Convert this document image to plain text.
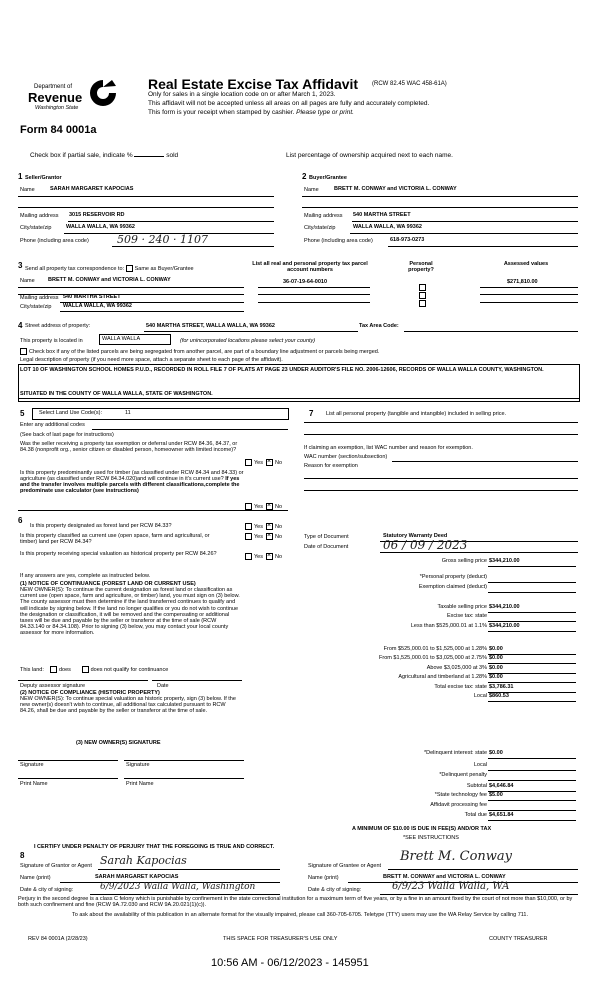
Department of
Revenue
Washington State
Form 84 0001a
Real Estate Excise Tax Affidavit (RCW 82.45 WAC 458-61A)
Only for sales in a single location code on or after March 1, 2023.
This affidavit will not be accepted unless all areas on all pages are fully and accurately completed.
This form is your receipt when stamped by cashier. Please type or print.
Check box if partial sale, indicate %	sold	List percentage of ownership acquired next to each name.
1 Seller/Grantor
Name	SARAH MARGARET KAPOCIAS
Mailing address 3015 RESERVOIR RD
City/state/zip	WALLA WALLA, WA 99362
Phone (including area code)	509 · 240 · 1107
2 Buyer/Grantee
Name	BRETT M. CONWAY and VICTORIA L. CONWAY
Mailing address 540 MARTHA STREET
City/state/zip	WALLA WALLA, WA 99362
Phone (including area code)	618-973-0273
3 Send all property tax correspondence to: Same as Buyer/Grantee
Name BRETT M. CONWAY and VICTORIA L. CONWAY
Mailing address 540 MARTHA STREET
City/state/zip WALLA WALLA, WA 99362
List all real and personal property tax parcel account numbers
Personal property?
Assessed values
36-07-19-64-0010	$271,810.00
4 Street address of property:	540 MARTHA STREET, WALLA WALLA, WA 99362	Tax Area Code:
This property is located in	WALLA WALLA	(for unincorporated locations please select your county)
Check box if any of the listed parcels are being segregated from another parcel, are part of a boundary line adjustment or parcels being merged.
Legal description of property (if you need more space, attach a separate sheet to each page of the affidavit).
LOT 10 OF WASHINGTON SCHOOL HOMES P.U.D., RECORDED IN ROLL FILE 7 OF PLATS AT PAGE 23 UNDER AUDITOR'S FILE NO. 2006-12606, RECORDS OF WALLA WALLA COUNTY, WASHINGTON.
SITUATED IN THE COUNTY OF WALLA WALLA, STATE OF WASHINGTON.
5	Select Land Use Code(s):	11
Enter any additional codes
(See back of last page for instructions)
Was the seller receiving a property tax exemption or deferral under RCW 84.36, 84.37, or 84.38 (nonprofit org., senior citizen or disabled person, homeowner with limited income)?
Yes × No
Is this property predominantly used for timber (as classified under RCW 84.34 and 84.33) or agriculture (as classified under RCW 84.34.020)and will continue in it's current use? If yes and the transfer involves multiple parcels with different classifications,complete the predominate use calculator (see instructions)
Yes × No
7 List all personal property (tangible and intangible) included in selling price.
If claiming an exemption, list WAC number and reason for exemption.
WAC number (section/subsection)
Reason for exemption
6
Is this property designated as forest land per RCW 84.33?	Yes × No
Is this property classified as current use (open space, farm and agricultural, or timber) land per RCW 84.34?
Yes × No
Is this property receiving special valuation as historical property per RCW 84.26?	Yes × No
If any answers are yes, complete as instructed below.
(1) NOTICE OF CONTINUANCE (FOREST LAND OR CURRENT USE)
NEW OWNER(S): To continue the current designation as forest land or classification as current use (open space, farm and agriculture, or timber) land, you must sign on (3) below. The county assessor must then determine if the land transferred continues to qualify and will indicate by signing below. If the land no longer qualifies or you do not wish to continue the designation or classification, it will be removed and the compensating or additional taxes will be due and payable by the seller or transferor at the time of sale (RCW 84.33.140 or 84.34.108). Prior to signing (3) below, you may contact your local county assessor for more information.
This land:	does	does not qualify for continuance
Deputy assessor signature	Date
(2) NOTICE OF COMPLIANCE (HISTORIC PROPERTY)
NEW OWNER(S): To continue special valuation as historic property, sign (3) below. If the new owner(s) doesn't wish to continue, all additional tax calculated pursuant to RCW 84.26, shall be due and payable by the seller or transferor at the time of sale.
(3) NEW OWNER(S) SIGNATURE
Signature	Signature
Print Name	Print Name
Type of Document	Statutory Warranty Deed
Date of Document	06 / 09 / 2023
Gross selling price $344,210.00
*Personal property (deduct)
Exemption claimed (deduct)
Taxable selling price $344,210.00
Excise tax: state
Less than $525,000.01 at 1.1% $344,210.00
From $525,000.01 to $1,525,000 at 1.28% $0.00
From $1,525,000.01 to $3,025,000 at 2.75% $0.00
Above $3,025,000 at 3% $0.00
Agricultural and timberland at 1.28% $0.00
Total excise tax: state $3,786.31
Local $860.53
*Delinquent interest: state $0.00
Local
*Delinquent penalty
Subtotal $4,646.84
*State technology fee $5.00
Affidavit processing fee
Total due $4,651.84
A MINIMUM OF $10.00 IS DUE IN FEE(S) AND/OR TAX
*SEE INSTRUCTIONS
I CERTIFY UNDER PENALTY OF PERJURY THAT THE FOREGOING IS TRUE AND CORRECT.
8
Signature of Grantor or Agent Sarah Kapocias
Name (print)	SARAH MARGARET KAPOCIAS
Date & city of signing:	6/9/2023 Walla Walla, Washington
Signature of Grantee or Agent
Brett M. Conway
Name (print)	BRETT M. CONWAY and VICTORIA L. CONWAY
Date & city of signing:	6/9/23 Walla Walla, WA
Perjury in the second degree is a class C felony which is punishable by confinement in the state correctional institution for a maximum term of five years, or by a fine in an amount fixed by the court of not more than $10,000, or by both such confinement and fine (RCW 9A.72.030 and RCW 9A.20.021(1)(c)).
To ask about the availability of this publication in an alternate format for the visually impaired, please call 360-705-6705. Teletype (TTY) users may use the WA Relay Service by calling 711.
REV 84 0001A (2/28/23)	THIS SPACE FOR TREASURER'S USE ONLY	COUNTY TREASURER
10:56 AM - 06/12/2023 - 145951
